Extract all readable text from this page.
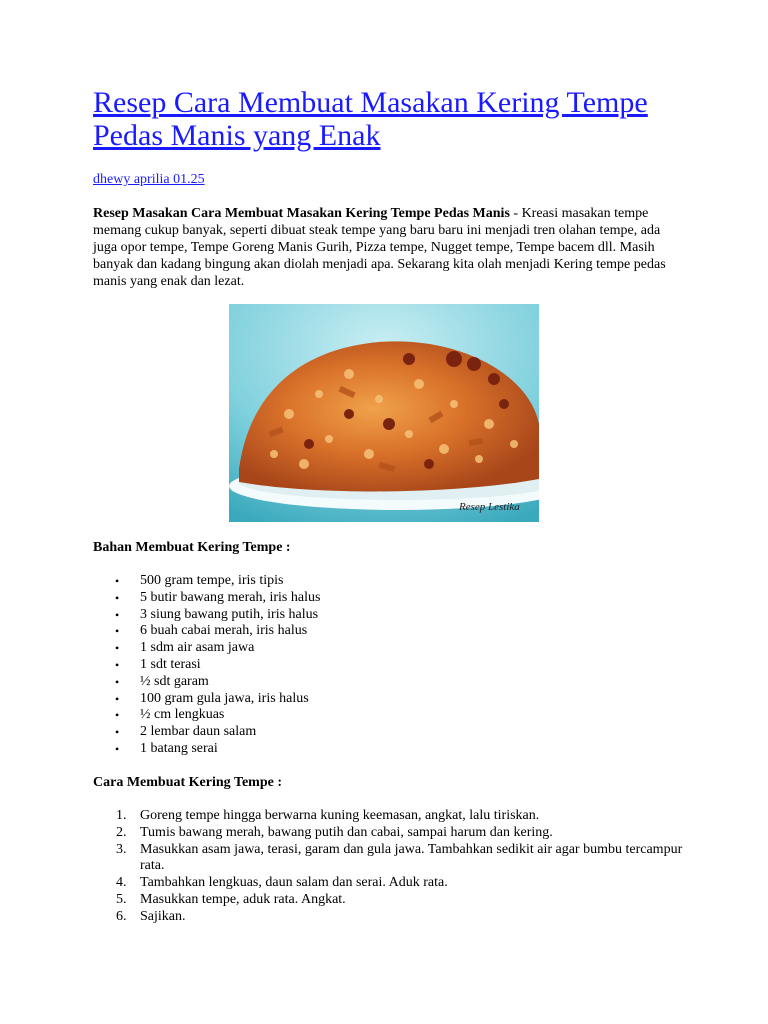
Resep Cara Membuat Masakan Kering Tempe Pedas Manis yang Enak
dhewy aprilia 01.25

Resep Masakan Cara Membuat Masakan Kering Tempe Pedas Manis - Kreasi masakan tempe memang cukup banyak, seperti dibuat steak tempe yang baru baru ini menjadi tren olahan tempe, ada juga opor tempe, Tempe Goreng Manis Gurih, Pizza tempe, Nugget tempe, Tempe bacem dll. Masih banyak dan kadang bingung akan diolah menjadi apa. Sekarang kita olah menjadi Kering tempe pedas manis yang enak dan lezat.

Resep Lestika

Bahan Membuat Kering Tempe :

• 500 gram tempe, iris tipis
• 5 butir bawang merah, iris halus
• 3 siung bawang putih, iris halus
• 6 buah cabai merah, iris halus
• 1 sdm air asam jawa
• 1 sdt terasi
• ½ sdt garam
• 100 gram gula jawa, iris halus
• ½ cm lengkuas
• 2 lembar daun salam
• 1 batang serai

Cara Membuat Kering Tempe :

1. Goreng tempe hingga berwarna kuning keemasan, angkat, lalu tiriskan.
2. Tumis bawang merah, bawang putih dan cabai, sampai harum dan kering.
3. Masukkan asam jawa, terasi, garam dan gula jawa. Tambahkan sedikit air agar bumbu tercampur rata.
4. Tambahkan lengkuas, daun salam dan serai. Aduk rata.
5. Masukkan tempe, aduk rata. Angkat.
6. Sajikan.
